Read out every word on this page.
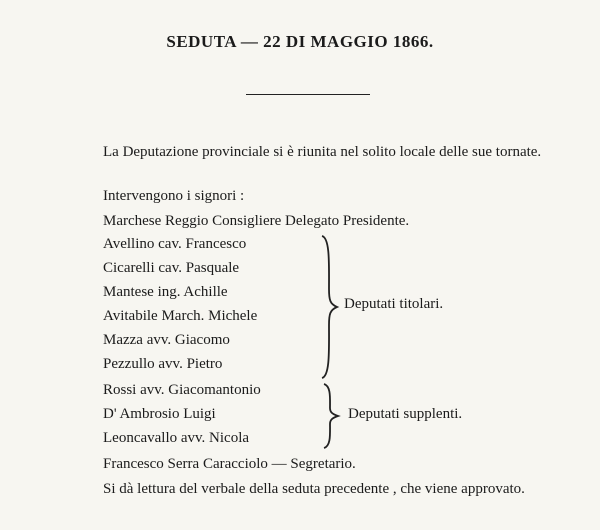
SEDUTA — 22 DI MAGGIO 1866.
La Deputazione provinciale si è riunita nel solito locale delle sue tornate.
Intervengono i signori :
Marchese Reggio Consigliere Delegato Presidente.
Avellino cav. Francesco
Cicarelli cav. Pasquale
Mantese ing. Achille
Avitabile March. Michele
Mazza avv. Giacomo
Pezzullo avv. Pietro
Deputati titolari.
Rossi avv. Giacomantonio
D' Ambrosio Luigi
Leoncavallo avv. Nicola
Deputati supplenti.
Francesco Serra Caracciolo — Segretario.
Si dà lettura del verbale della seduta precedente , che viene approvato.
